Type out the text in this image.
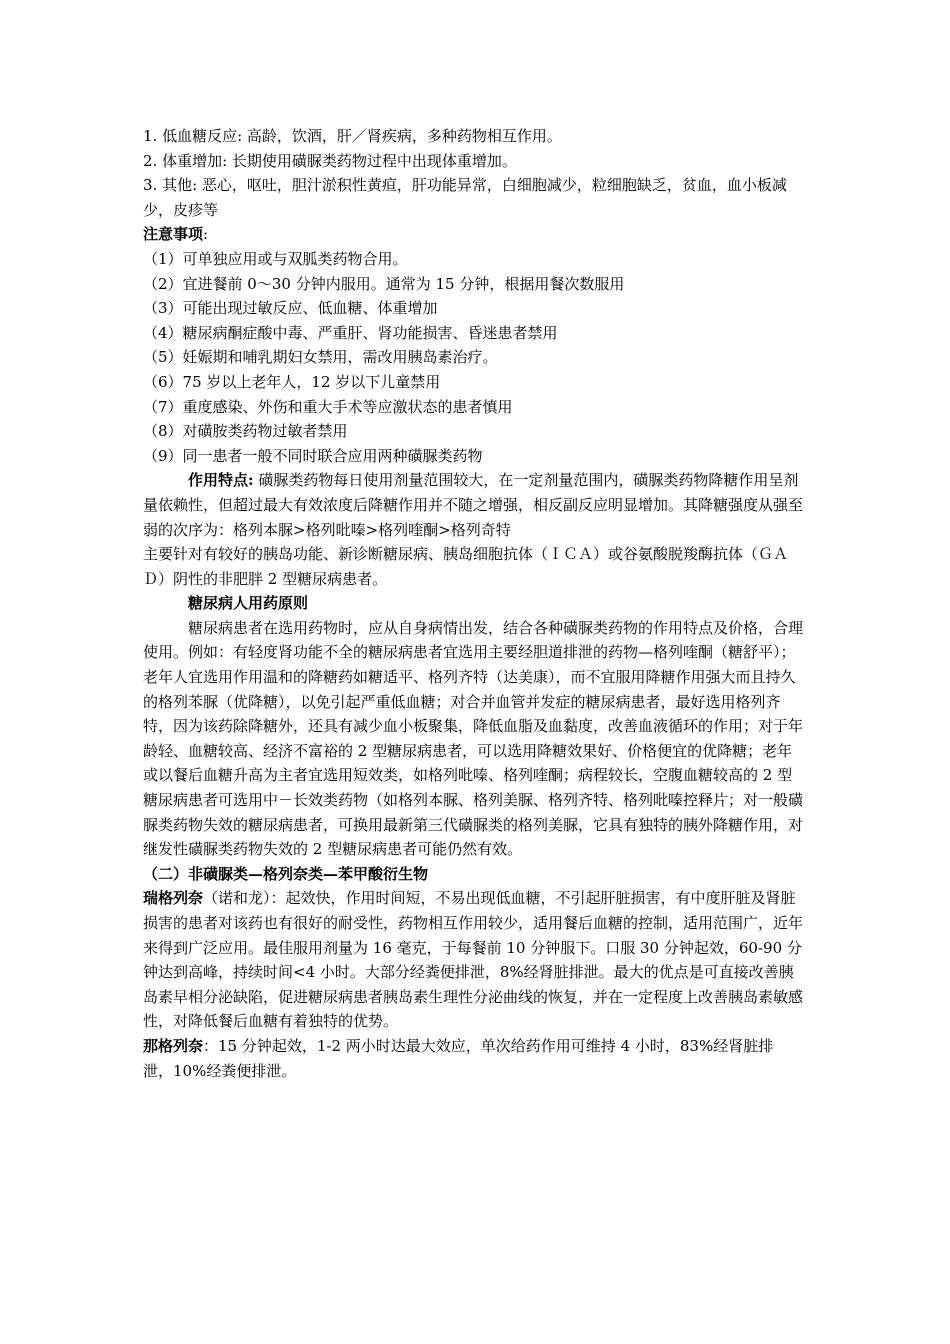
1. 低血糖反应: 高龄，饮酒，肝／肾疾病，多种药物相互作用。

2. 体重增加: 长期使用磺脲类药物过程中出现体重增加。

3. 其他: 恶心，呕吐，胆汁淤积性黄疸，肝功能异常，白细胞减少，粒细胞缺乏，贫血，血小板减少，皮疹等

注意事项:

（1）可单独应用或与双胍类药物合用。

（2）宜进餐前 0～30 分钟内服用。通常为 15 分钟，根据用餐次数服用

（3）可能出现过敏反应、低血糖、体重增加

（4）糖尿病酮症酸中毒、严重肝、肾功能损害、昏迷患者禁用

（5）妊娠期和哺乳期妇女禁用，需改用胰岛素治疗。

（6）75 岁以上老年人，12 岁以下儿童禁用

（7）重度感染、外伤和重大手术等应激状态的患者慎用

（8）对磺胺类药物过敏者禁用

（9）同一患者一般不同时联合应用两种磺脲类药物

作用特点: 磺脲类药物每日使用剂量范围较大，在一定剂量范围内，磺脲类药物降糖作用呈剂量依赖性，但超过最大有效浓度后降糖作用并不随之增强，相反副反应明显增加。其降糖强度从强至弱的次序为：格列本脲>格列吡嗪>格列喹酮>格列奇特

主要针对有较好的胰岛功能、新诊断糖尿病、胰岛细胞抗体（ＩＣＡ）或谷氨酸脱羧酶抗体（ＧＡＤ）阴性的非肥胖 2 型糖尿病患者。

糖尿病人用药原则

糖尿病患者在选用药物时，应从自身病情出发，结合各种磺脲类药物的作用特点及价格，合理使用。例如：有轻度肾功能不全的糖尿病患者宜选用主要经胆道排泄的药物—格列喹酮（糖舒平）；老年人宜选用作用温和的降糖药如糖适平、格列齐特（达美康），而不宜服用降糖作用强大而且持久的格列苯脲（优降糖），以免引起严重低血糖；对合并血管并发症的糖尿病患者，最好选用格列齐特，因为该药除降糖外，还具有减少血小板聚集，降低血脂及血黏度，改善血液循环的作用；对于年龄轻、血糖较高、经济不富裕的 2 型糖尿病患者，可以选用降糖效果好、价格便宜的优降糖；老年或以餐后血糖升高为主者宜选用短效类，如格列吡嗪、格列喹酮；病程较长，空腹血糖较高的 2 型糖尿病患者可选用中－长效类药物（如格列本脲、格列美脲、格列齐特、格列吡嗪控释片；对一般磺脲类药物失效的糖尿病患者，可换用最新第三代磺脲类的格列美脲，它具有独特的胰外降糖作用，对继发性磺脲类药物失效的 2 型糖尿病患者可能仍然有效。

（二）非磺脲类—格列奈类—苯甲酸衍生物

瑞格列奈（诺和龙）：起效快，作用时间短，不易出现低血糖，不引起肝脏损害，有中度肝脏及肾脏损害的患者对该药也有很好的耐受性，药物相互作用较少，适用餐后血糖的控制，适用范围广，近年来得到广泛应用。最佳服用剂量为 16 毫克，于每餐前 10 分钟服下。口服 30 分钟起效，60-90 分钟达到高峰，持续时间<4 小时。大部分经粪便排泄，8%经肾脏排泄。最大的优点是可直接改善胰岛素早相分泌缺陷，促进糖尿病患者胰岛素生理性分泌曲线的恢复，并在一定程度上改善胰岛素敏感性，对降低餐后血糖有着独特的优势。

那格列奈：15 分钟起效，1-2 两小时达最大效应，单次给药作用可维持 4 小时，83%经肾脏排泄，10%经粪便排泄。
